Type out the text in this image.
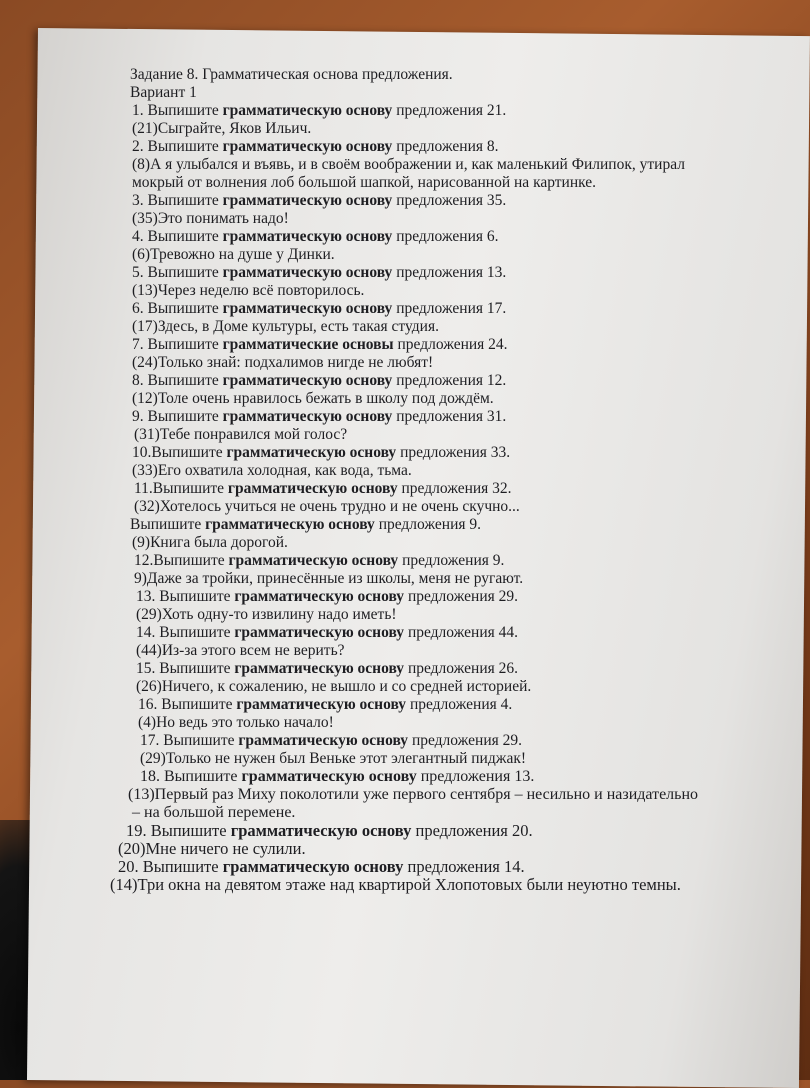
Задание 8. Грамматическая основа предложения.
Вариант 1
1. Выпишите грамматическую основу предложения 21.
(21)Сыграйте, Яков Ильич.
2. Выпишите грамматическую основу предложения 8.
(8)А я улыбался и въявь, и в своём воображении и, как маленький Филипок, утирал
мокрый от волнения лоб большой шапкой, нарисованной на картинке.
3. Выпишите грамматическую основу предложения 35.
(35)Это понимать надо!
4. Выпишите грамматическую основу предложения 6.
(6)Тревожно на душе у Динки.
5. Выпишите грамматическую основу предложения 13.
(13)Через неделю всё повторилось.
6. Выпишите грамматическую основу предложения 17.
(17)Здесь, в Доме культуры, есть такая студия.
7. Выпишите грамматические основы предложения 24.
(24)Только знай: подхалимов нигде не любят!
8. Выпишите грамматическую основу предложения 12.
(12)Толе очень нравилось бежать в школу под дождём.
9. Выпишите грамматическую основу предложения 31.
(31)Тебе понравился мой голос?
10.Выпишите грамматическую основу предложения 33.
(33)Его охватила холодная, как вода, тьма.
11.Выпишите грамматическую основу предложения 32.
(32)Хотелось учиться не очень трудно и не очень скучно...
Выпишите грамматическую основу предложения 9.
(9)Книга была дорогой.
12.Выпишите грамматическую основу предложения 9.
9)Даже за тройки, принесённые из школы, меня не ругают.
13. Выпишите грамматическую основу предложения 29.
(29)Хоть одну-то извилину надо иметь!
14. Выпишите грамматическую основу предложения 44.
(44)Из-за этого всем не верить?
15. Выпишите грамматическую основу предложения 26.
(26)Ничего, к сожалению, не вышло и со средней историей.
16. Выпишите грамматическую основу предложения 4.
(4)Но ведь это только начало!
17. Выпишите грамматическую основу предложения 29.
(29)Только не нужен был Веньке этот элегантный пиджак!
18. Выпишите грамматическую основу предложения 13.
(13)Первый раз Миху поколотили уже первого сентября – несильно и назидательно
– на большой перемене.
19. Выпишите грамматическую основу предложения 20.
(20)Мне ничего не сулили.
20. Выпишите грамматическую основу предложения 14.
(14)Три окна на девятом этаже над квартирой Хлопотовых были неуютно темны.
